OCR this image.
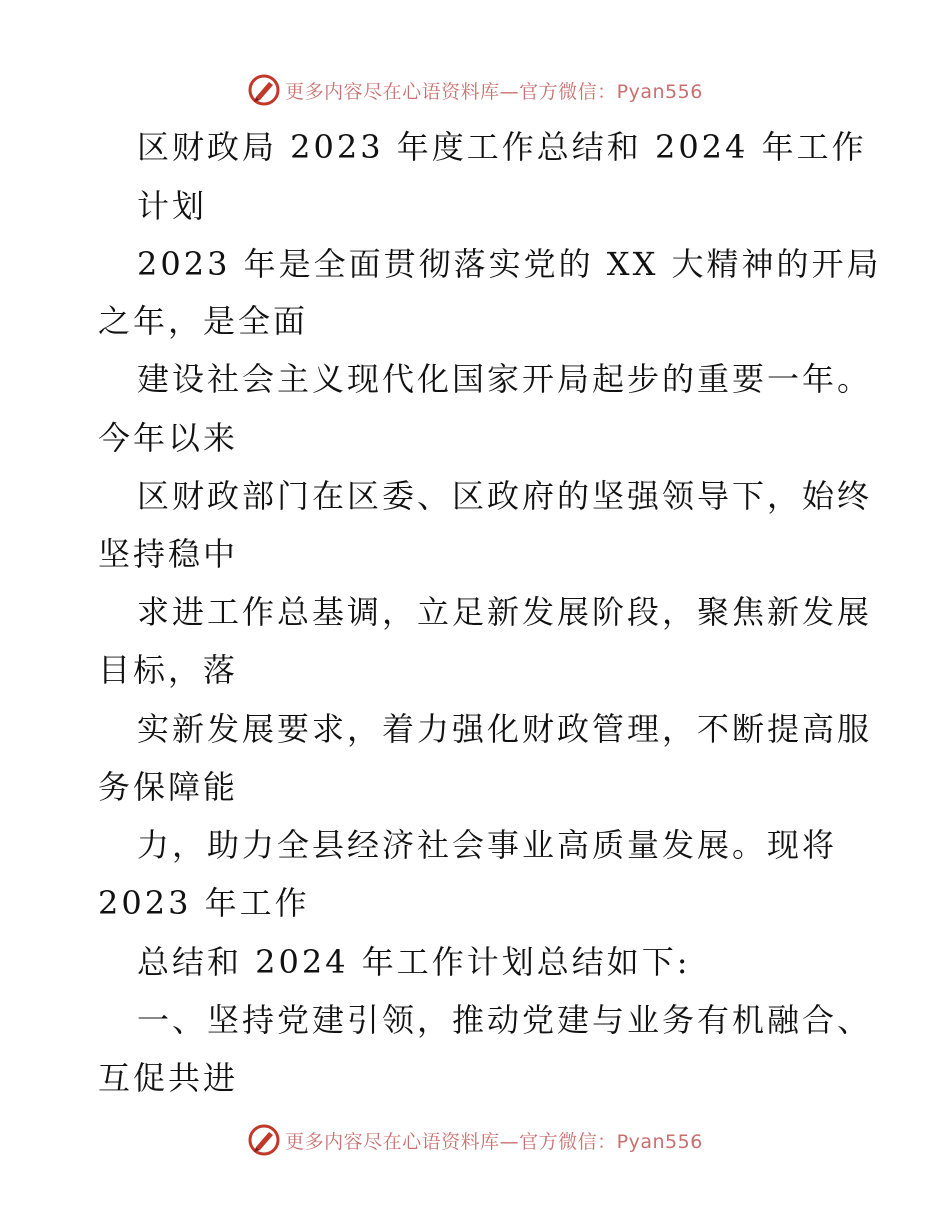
更多内容尽在心语资料库—官方微信：Pyan556
区财政局 2023 年度工作总结和 2024 年工作
计划
2023 年是全面贯彻落实党的 XX 大精神的开局
之年，是全面
建设社会主义现代化国家开局起步的重要一年。
今年以来
区财政部门在区委、区政府的坚强领导下，始终
坚持稳中
求进工作总基调，立足新发展阶段，聚焦新发展
目标，落
实新发展要求，着力强化财政管理，不断提高服
务保障能
力，助力全县经济社会事业高质量发展。现将
2023 年工作
总结和 2024 年工作计划总结如下:
一、坚持党建引领，推动党建与业务有机融合、
互促共进
更多内容尽在心语资料库—官方微信：Pyan556
